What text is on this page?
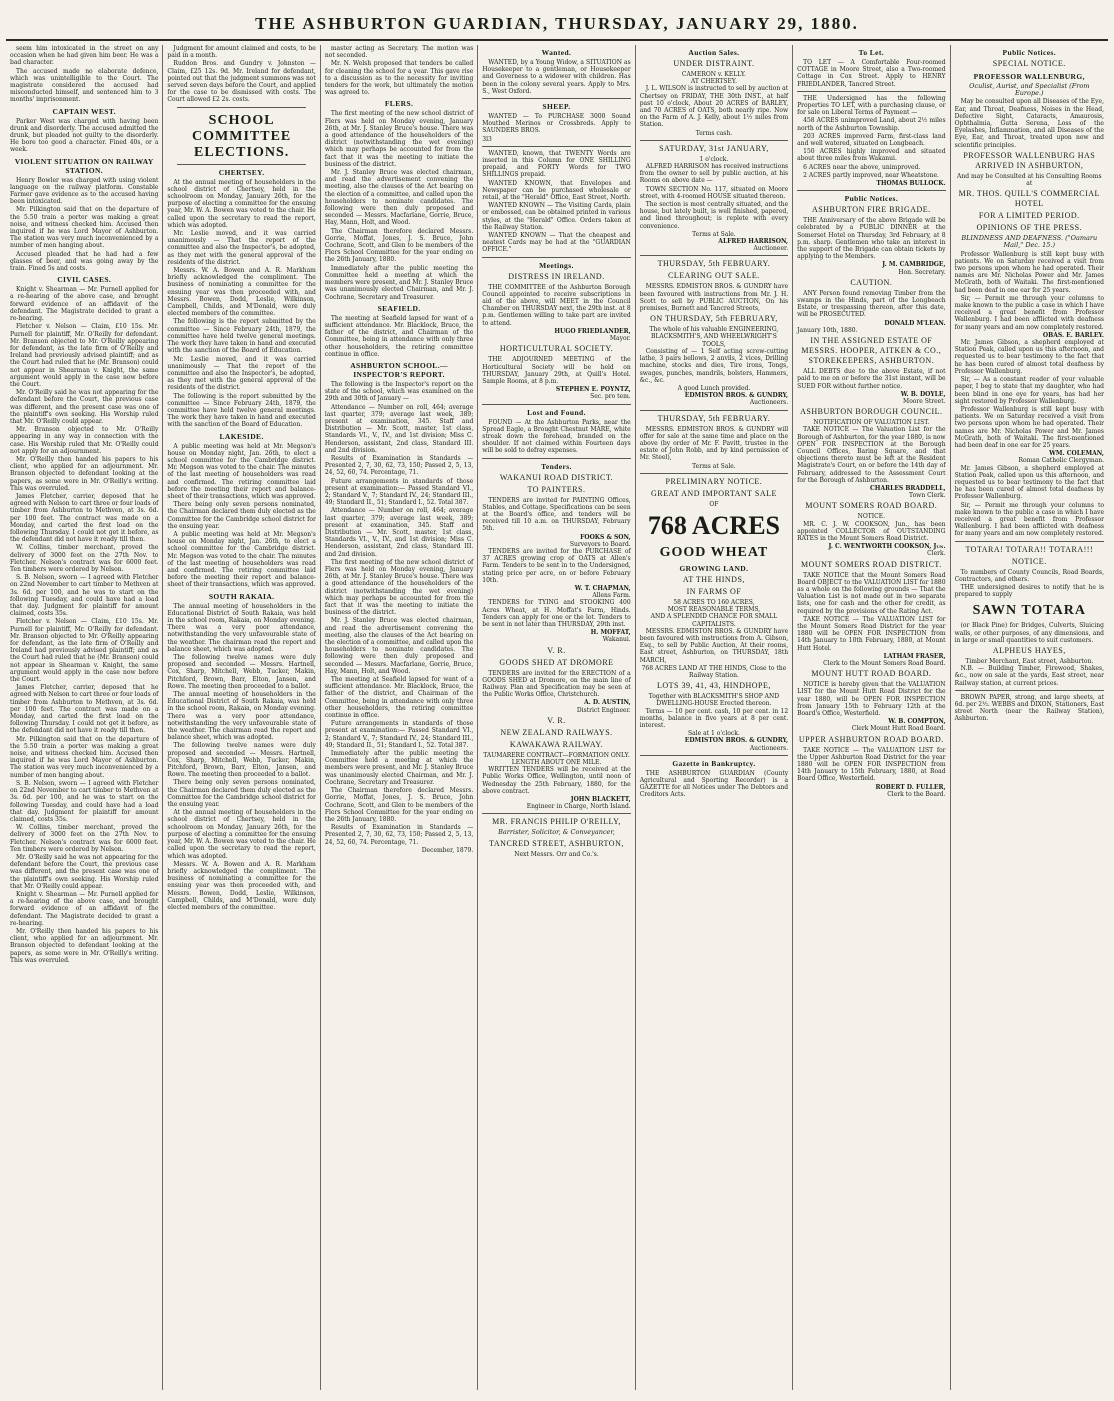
THE ASHBURTON GUARDIAN, THURSDAY, JANUARY 29, 1880.

seem him intoxicated in the street on any occasion when he had given him beer. He was a bad character.

The accused made no elaborate defence, which was unintelligible to the Court. The magistrate considered the accused had misconducted himself, and sentenced him to 3 months' imprisonment.

CAPTAIN WEST.

Parker West was charged with having been drunk and disorderly. The accused admitted the drunk, but pleaded not guilty to the disorderly. He bore too good a character. Fined 40s, or a week.

VIOLENT SITUATION ON RAILWAY STATION.

Henry Bowler was charged with using violent language on the railway platform. Constable Farmer gave evidence as to the accused having been intoxicated.

Mr. Pilkington said that on the departure of the 5.50 train a porter was making a great noise, and witness checked him. Accused then inquired if he was Lord Mayor of Ashburton. The station was very much inconvenienced by a number of men hanging about.

Accused pleaded that he had had a few glasses of beer, and was going away by the train. Fined 5s and costs.

CIVIL CASES.

Knight v. Shearman — Mr. Purnell applied for a re-hearing of the above case, and brought forward evidence of an affidavit of the defendant. The Magistrate decided to grant a re-hearing.

Fletcher v. Nelson — Claim, £10 15s. Mr. Purnell for plaintiff, Mr. O'Reilly for defendant. Mr. Branson objected to Mr. O'Reilly appearing for defendant, as the late firm of O'Reilly and Ireland had previously advised plaintiff; and as the Court had ruled that he (Mr. Branson) could not appear in Shearman v. Knight, the same argument would apply in the case now before the Court.

Mr. O'Reilly said he was not appearing for the defendant before the Court, the previous case was different, and the present case was one of the plaintiff's own seeking. His Worship ruled that Mr. O'Reilly could appear.

Mr. Branson objected to Mr. O'Reilly appearing in any way in connection with the case. His Worship ruled that Mr. O'Reilly could not apply for an adjournment.

Mr. O'Reilly then handed his papers to his client, who applied for an adjournment. Mr. Branson objected to defendant looking at the papers, as some were in Mr. O'Reilly's writing. This was overruled.

James Fletcher, carrier, deposed that he agreed with Nelson to cart three or four loads of timber from Ashburton to Methven, at 3s. 6d. per 100 feet. The contract was made on a Monday, and carted the first load on the following Thursday. I could not get it before, as the defendant did not have it ready till then.

W. Collins, timber merchant, proved the delivery of 3000 feet on the 27th Nov. to Fletcher. Nelson's contract was for 6000 feet. Ten timbers were ordered by Nelson.

S. B. Nelson, sworn — I agreed with Fletcher on 22nd November to cart timber to Methven at 3s. 6d. per 100, and he was to start on the following Tuesday, and could have had a load that day. Judgment for plaintiff for amount claimed, costs 35s.

Fletcher v. Nelson — Claim, £10 15s. Mr. Purnell for plaintiff, Mr. O'Reilly for defendant. Mr. Branson objected to Mr. O'Reilly appearing for defendant, as the late firm of O'Reilly and Ireland had previously advised plaintiff; and as the Court had ruled that he (Mr. Branson) could not appear in Shearman v. Knight, the same argument would apply in the case now before the Court.

James Fletcher, carrier, deposed that he agreed with Nelson to cart three or four loads of timber from Ashburton to Methven, at 3s. 6d. per 100 feet. The contract was made on a Monday, and carted the first load on the following Thursday. I could not get it before, as the defendant did not have it ready till then.

Mr. Pilkington said that on the departure of the 5.50 train a porter was making a great noise, and witness checked him. Accused then inquired if he was Lord Mayor of Ashburton. The station was very much inconvenienced by a number of men hanging about.

S. B. Nelson, sworn — I agreed with Fletcher on 22nd November to cart timber to Methven at 3s. 6d. per 100, and he was to start on the following Tuesday, and could have had a load that day. Judgment for plaintiff for amount claimed, costs 35s.

W. Collins, timber merchant, proved the delivery of 3000 feet on the 27th Nov. to Fletcher. Nelson's contract was for 6000 feet. Ten timbers were ordered by Nelson.

Mr. O'Reilly said he was not appearing for the defendant before the Court, the previous case was different, and the present case was one of the plaintiff's own seeking. His Worship ruled that Mr. O'Reilly could appear.

Knight v. Shearman — Mr. Purnell applied for a re-hearing of the above case, and brought forward evidence of an affidavit of the defendant. The Magistrate decided to grant a re-hearing.

Mr. O'Reilly then handed his papers to his client, who applied for an adjournment. Mr. Branson objected to defendant looking at the papers, as some were in Mr. O'Reilly's writing. This was overruled.

Judgment for amount claimed and costs, to be paid in a month.

Ruddon Bros. and Gundry v. Johnston — Claim, £25 12s. 9d. Mr. Ireland for defendant, pointed out that the judgment summons was not served seven days before the Court, and applied for the case to be dismissed with costs. The Court allowed £2 2s. costs.

SCHOOL COMMITTEE ELECTIONS.
CHERTSEY.

At the annual meeting of householders in the school district of Chertsey, held in the schoolroom on Monday, January 26th, for the purpose of electing a committee for the ensuing year, Mr. W. A. Bowen was voted to the chair. He called upon the secretary to read the report, which was adopted.

Mr. Leslie moved, and it was carried unanimously — That the report of the committee and also the Inspector's, be adopted, as they met with the general approval of the residents of the district.

Messrs. W. A. Bowen and A. R. Markham briefly acknowledged the compliment. The business of nominating a committee for the ensuing year was then proceeded with, and Messrs. Bowen, Dodd, Leslie, Wilkinson, Campbell, Childs, and M'Donald, were duly elected members of the committee.

The following is the report submitted by the committee — Since February 24th, 1879, the committee have held twelve general meetings. The work they have taken in hand and executed with the sanction of the Board of Education.

Mr. Leslie moved, and it was carried unanimously — That the report of the committee and also the Inspector's, be adopted, as they met with the general approval of the residents of the district.

The following is the report submitted by the committee — Since February 24th, 1879, the committee have held twelve general meetings. The work they have taken in hand and executed with the sanction of the Board of Education.

LAKESIDE.

A public meeting was held at Mr. Megson's house on Monday night, Jan. 26th, to elect a school committee for the Cambridge district. Mr. Megson was voted to the chair. The minutes of the last meeting of householders was read and confirmed. The retiring committee laid before the meeting their report and balance-sheet of their transactions, which was approved.

There being only seven persons nominated, the Chairman declared them duly elected as the Committee for the Cambridge school district for the ensuing year.

A public meeting was held at Mr. Megson's house on Monday night, Jan. 26th, to elect a school committee for the Cambridge district. Mr. Megson was voted to the chair. The minutes of the last meeting of householders was read and confirmed. The retiring committee laid before the meeting their report and balance-sheet of their transactions, which was approved.

SOUTH RAKAIA.

The annual meeting of householders in the Educational District of South Rakaia, was held in the school room, Rakaia, on Monday evening. There was a very poor attendance, notwithstanding the very unfavourable state of the weather. The chairman read the report and balance sheet, which was adopted.

The following twelve names were duly proposed and seconded — Messrs. Hartnell, Cox, Sharp, Mitchell, Webb, Tucker, Makin, Pitchford, Brown, Barr, Elton, Jansen, and Rowe. The meeting then proceeded to a ballot.

The annual meeting of householders in the Educational District of South Rakaia, was held in the school room, Rakaia, on Monday evening. There was a very poor attendance, notwithstanding the very unfavourable state of the weather. The chairman read the report and balance sheet, which was adopted.

The following twelve names were duly proposed and seconded — Messrs. Hartnell, Cox, Sharp, Mitchell, Webb, Tucker, Makin, Pitchford, Brown, Barr, Elton, Jansen, and Rowe. The meeting then proceeded to a ballot.

There being only seven persons nominated, the Chairman declared them duly elected as the Committee for the Cambridge school district for the ensuing year.

At the annual meeting of householders in the school district of Chertsey, held in the schoolroom on Monday, January 26th, for the purpose of electing a committee for the ensuing year, Mr. W. A. Bowen was voted to the chair. He called upon the secretary to read the report, which was adopted.

Messrs. W. A. Bowen and A. R. Markham briefly acknowledged the compliment. The business of nominating a committee for the ensuing year was then proceeded with, and Messrs. Bowen, Dodd, Leslie, Wilkinson, Campbell, Childs, and M'Donald, were duly elected members of the committee.

master acting as Secretary. The motion was not seconded.

Mr. N. Welsh proposed that tenders be called for cleaning the school for a year. This gave rise to a discussion as to the necessity for inviting tenders for the work, but ultimately the motion was agreed to.

FLERS.

The first meeting of the new school district of Flers was held on Monday evening, January 26th, at Mr. J. Stanley Bruce's house. There was a good attendance of the householders of the district (notwithstanding the wet evening) which may perhaps be accounted for from the fact that it was the meeting to initiate the business of the district.

Mr. J. Stanley Bruce was elected chairman, and read the advertisement convening the meeting, also the clauses of the Act bearing on the election of a committee, and called upon the householders to nominate candidates. The following were then duly proposed and seconded — Messrs. Macfarlane, Gorrie, Bruce, Hay, Mann, Holt, and Wood.

The Chairman therefore declared Messrs. Gorrie, Moffat, Jones, J. S. Bruce, John Cochrane, Scott, and Glen to be members of the Flers School Committee for the year ending on the 26th January, 1880.

Immediately after the public meeting the Committee held a meeting at which the members were present, and Mr. J. Stanley Bruce was unanimously elected Chairman, and Mr. J. Cochrane, Secretary and Treasurer.

SEAFIELD.

The meeting at Seafield lapsed for want of a sufficient attendance. Mr. Blacklock, Bruce, the father of the district, and Chairman of the Committee, being in attendance with only three other householders, the retiring committee continue in office.

ASHBURTON SCHOOL.—INSPECTOR'S REPORT.

The following is the Inspector's report on the state of the school, which was examined on the 29th and 30th of January —

Attendance — Number on roll, 464; average last quarter, 379; average last week, 389; present at examination, 345. Staff and Distribution — Mr. Scott, master, 1st class, Standards VI., V., IV., and 1st division; Miss C. Henderson, assistant, 2nd class, Standard III. and 2nd division.

Results of Examination in Standards — Presented 2, 7, 30, 62, 73, 150; Passed 2, 5, 13, 24, 52, 60, 74. Percentage, 71.

Future arrangements in standards of those present at examination:— Passed Standard VI., 2; Standard V., 7; Standard IV., 24; Standard III., 49; Standard II., 51; Standard I., 52. Total 387.

Attendance — Number on roll, 464; average last quarter, 379; average last week, 389; present at examination, 345. Staff and Distribution — Mr. Scott, master, 1st class, Standards VI., V., IV., and 1st division; Miss C. Henderson, assistant, 2nd class, Standard III. and 2nd division.

The first meeting of the new school district of Flers was held on Monday evening, January 26th, at Mr. J. Stanley Bruce's house. There was a good attendance of the householders of the district (notwithstanding the wet evening) which may perhaps be accounted for from the fact that it was the meeting to initiate the business of the district.

Mr. J. Stanley Bruce was elected chairman, and read the advertisement convening the meeting, also the clauses of the Act bearing on the election of a committee, and called upon the householders to nominate candidates. The following were then duly proposed and seconded — Messrs. Macfarlane, Gorrie, Bruce, Hay, Mann, Holt, and Wood.

The meeting at Seafield lapsed for want of a sufficient attendance. Mr. Blacklock, Bruce, the father of the district, and Chairman of the Committee, being in attendance with only three other householders, the retiring committee continue in office.

Future arrangements in standards of those present at examination:— Passed Standard VI., 2; Standard V., 7; Standard IV., 24; Standard III., 49; Standard II., 51; Standard I., 52. Total 387.

Immediately after the public meeting the Committee held a meeting at which the members were present, and Mr. J. Stanley Bruce was unanimously elected Chairman, and Mr. J. Cochrane, Secretary and Treasurer.

The Chairman therefore declared Messrs. Gorrie, Moffat, Jones, J. S. Bruce, John Cochrane, Scott, and Glen to be members of the Flers School Committee for the year ending on the 26th January, 1880.

Results of Examination in Standards — Presented 2, 7, 30, 62, 73, 150; Passed 2, 5, 13, 24, 52, 60, 74. Percentage, 71.

December, 1879.
Wanted.

WANTED, by a Young Widow, a SITUATION as Housekeeper to a gentleman, or Housekeeper and Governess to a widower with children. Has been in the colony several years. Apply to Mrs. S., West Oxford.

SHEEP.

WANTED — To PURCHASE 3000 Sound Mouthed Merinos or Crossbreds. Apply to SAUNDERS BROS.

3l3

WANTED, known, that TWENTY Words are inserted in this Column for ONE SHILLING prepaid, and FORTY Words for TWO SHILLINGS prepaid.

WANTED KNOWN, that Envelopes and Newspaper can be purchased wholesale or retail, at the "Herald" Office, East Street, North.

WANTED KNOWN — The Visiting Cards, plain or embossed, can be obtained printed in various styles, at the "Herald" Office. Orders taken at the Railway Station.

WANTED KNOWN — That the cheapest and neatest Cards may be had at the "GUARDIAN OFFICE."

Meetings.
DISTRESS IN IRELAND.

THE COMMITTEE of the Ashburton Borough Council appointed to receive subscriptions in aid of the above, will MEET in the Council Chamber on THURSDAY next, the 29th inst. at 8 p.m. Gentlemen willing to take part are invited to attend.

HUGO FRIEDLANDER,
Mayor.
HORTICULTURAL SOCIETY.

THE ADJOURNED MEETING of the Horticultural Society will be held on THURSDAY, January 29th, at Quill's Hotel. Sample Rooms, at 8 p.m.

STEPHEN E. POYNTZ,
Sec. pro tem.
Lost and Found.

FOUND — At the Ashburton Parks, near the Spread Eagle, a Brought Chestnut MARE, white streak down the forehead, branded on the shoulder. If not claimed within Fourteen days will be sold to defray expenses.

Tenders.
WAKANUI ROAD DISTRICT.
TO PAINTERS.

TENDERS are invited for PAINTING Offices, Stables, and Cottage. Specifications can be seen at the Board's office, and tenders will be received till 10 a.m. on THURSDAY, February 5th.

FOOKS & SON,
Surveyors to Board.

TENDERS are invited for the PURCHASE of 37 ACRES growing crop of OATS at Allen's Farm. Tenders to be sent in to the Undersigned, stating price per acre, on or before February 10th.

W. T. CHAPMAN,
Allens Farm.

TENDERS for TYING and STOOKING 400 Acres Wheat, at H. Moffat's Farm, Hinds. Tenders can apply for one or the lot. Tenders to be sent in not later than THURSDAY, 29th inst.

H. MOFFAT,
Wakanui.
V. R.
GOODS SHED AT DROMORE

TENDERS are invited for the ERECTION of a GOODS SHED at Dromore, on the main line of Railway. Plan and Specification may be seen at the Public Works Office, Christchurch.

A. D. AUSTIN,
District Engineer.
V. R.
NEW ZEALAND RAILWAYS.
KAWAKAWA RAILWAY.
TAUMARERE CONTRACT—FORMATION ONLY. LENGTH ABOUT ONE MILE.

WRITTEN TENDERS will be received at the Public Works Office, Wellington, until noon of Wednesday the 25th February, 1880, for the above contract.

JOHN BLACKETT,
Engineer in Charge, North Island.
MR. FRANCIS PHILIP O'REILLY,
Barrister, Solicitor, & Conveyancer,
TANCRED STREET, ASHBURTON,
Next Messrs. Orr and Co.'s.
Auction Sales.
UNDER DISTRAINT.
CAMERON v. KELLY.
AT CHERTSEY.

J. L. WILSON is instructed to sell by auction at Chertsey on FRIDAY, THE 30th INST., at half past 10 o'clock, About 20 ACRES of BARLEY, and 70 ACRES of OATS, both nearly ripe. Now on the Farm of A. J. Kelly, about 1½ miles from Station.

Terms cash.
SATURDAY, 31st JANUARY,
1 o'clock.

ALFRED HARRISON has received instructions from the owner to sell by public auction, at his Rooms on above date —

TOWN SECTION No. 117, situated on Moore street, with 4-roomed HOUSE situated thereon.

The section is most centrally situated, and the house, but lately built, is well finished, papered, and lined throughout; is replete with every convenience.

Terms at Sale.
ALFRED HARRISON,
Auctioneer.
THURSDAY, 5th FEBRUARY.
CLEARING OUT SALE.

MESSRS. EDMISTON BROS. & GUNDRY have been favoured with instructions from Mr. J. H. Scott to sell by PUBLIC AUCTION, On his premises, Burnett and Tancred Streets,

ON THURSDAY, 5th FEBRUARY,
The whole of his valuable ENGINEERING, BLACKSMITH'S, AND WHEELWRIGHT'S TOOLS,

Consisting of — 1 Self acting screw-cutting lathe, 3 pairs bellows, 2 anvils, 2 vices, Drilling machine, stocks and dies, Tire irons, Tongs, swages, punches, mandrils, bolsters, Hammers, &c., &c.

A good Lunch provided.
EDMISTON BROS. & GUNDRY,
Auctioneers.
THURSDAY, 5th FEBRUARY.

MESSRS. EDMISTON BROS. & GUNDRY will offer for sale at the same time and place on the above (by order of Mr. F. Pavitt, trustee in the estate of John Robb, and by kind permission of Mr. Steel),

Terms at Sale.
PRELIMINARY NOTICE.
GREAT AND IMPORTANT SALE
OF
768 ACRES
GOOD WHEAT
GROWING LAND.
AT THE HINDS,
IN FARMS OF
58 ACRES TO 160 ACRES,
MOST REASONABLE TERMS,
AND A SPLENDID CHANCE FOR SMALL CAPITALISTS.

MESSRS. EDMISTON BROS. & GUNDRY have been favoured with instructions from A. Gibson, Esq., to sell by Public Auction, At their rooms, East street, Ashburton, on THURSDAY, 18th MARCH,

768 ACRES LAND AT THE HINDS, Close to the Railway Station.
LOTS 39, 41, 43, HINDHOPE,
Together with BLACKSMITH'S SHOP AND DWELLING-HOUSE Erected thereon.

Terms — 10 per cent. cash, 10 per cent. in 12 months, balance in five years at 8 per cent. interest.

Sale at 1 o'clock.
EDMISTON BROS. & GUNDRY,
Auctioneers.
Gazette in Bankruptcy.

THE ASHBURTON GUARDIAN (County Agricultural and Sporting Recorder) is a GAZETTE for all Notices under The Debtors and Creditors Acts.

To Let.

TO LET — A Comfortable Four-roomed COTTAGE in Moore Street, also a Two-roomed Cottage in Cox Street. Apply to HENRY FRIEDLANDER, Tancred Street.

THE Undersigned has the following Properties TO LET, with a purchasing clause, or for sale on Liberal Terms of Payment —

458 ACRES unimproved Land, about 2½ miles north of the Ashburton Township.

203 ACRES improved Farm, first-class land and well watered, situated on Longbeach.

150 ACRES highly improved and situated about three miles from Wakanui.

6 ACRES near the above, unimproved.

2 ACRES partly improved, near Wheatstone.

THOMAS BULLOCK.
Public Notices.
ASHBURTON FIRE BRIGADE.

THE Anniversary of the above Brigade will be celebrated by a PUBLIC DINNER at the Somerset Hotel on Thursday, 3rd February, at 8 p.m. sharp. Gentlemen who take an interest in the support of the Brigade can obtain tickets by applying to the Members.

J. M. CAMBRIDGE,
Hon. Secretary.
CAUTION.

ANY Person found removing Timber from the swamps in the Hinds, part of the Longbeach Estate, or trespassing thereon, after this date, will be PROSECUTED.

DONALD M'LEAN.
January 10th, 1880.
IN THE ASSIGNED ESTATE OF MESSRS. HOOPER, AITKEN & CO., STOREKEEPERS, ASHBURTON.

ALL DEBTS due to the above Estate, if not paid to me on or before the 31st instant, will be SUED FOR without further notice.

W. B. DOYLE,
Moore Street.
ASHBURTON BOROUGH COUNCIL.
NOTIFICATION OF VALUATION LIST.

TAKE NOTICE — The Valuation List for the Borough of Ashburton, for the year 1880, is now OPEN FOR INSPECTION at the Borough Council Offices, Baring Square, and that objections thereto must be left at the Resident Magistrate's Court, on or before the 14th day of February, addressed to the Assessment Court for the Borough of Ashburton.

CHARLES BRADDELL,
Town Clerk.
MOUNT SOMERS ROAD BOARD.
NOTICE.

MR. C. J. W. COOKSON, Jun., has been appointed COLLECTOR of OUTSTANDING RATES in the Mount Somers Road District.

J. C. WENTWORTH COOKSON, Jun.
Clerk.
MOUNT SOMERS ROAD DISTRICT.

TAKE NOTICE that the Mount Somers Road Board OBJECT to the VALUATION LIST for 1880 as a whole on the following grounds — That the Valuation List is not made out in two separate lists, one for cash and the other for credit, as required by the provisions of the Rating Act.

TAKE NOTICE — The VALUATION LIST for the Mount Somers Road District for the year 1880 will be OPEN FOR INSPECTION from 14th January to 10th February, 1880, at Mount Hutt Hotel.

LATHAM FRASER,
Clerk to the Mount Somers Road Board.
MOUNT HUTT ROAD BOARD.

NOTICE is hereby given that the VALUATION LIST for the Mount Hutt Road District for the year 1880, will be OPEN FOR INSPECTION from January 15th to February 12th at the Board's Office, Westerfield.

W. B. COMPTON,
Clerk Mount Hutt Road Board.
UPPER ASHBURTON ROAD BOARD.

TAKE NOTICE — The VALUATION LIST for the Upper Ashburton Road District for the year 1880 will be OPEN FOR INSPECTION from 14th January to 15th February, 1880, at Road Board Office, Westerfield.

ROBERT D. FULLER,
Clerk to the Board.
Public Notices.
SPECIAL NOTICE.
PROFESSOR WALLENBURG,
Oculist, Aurist, and Specialist (From Europe.)

May be consulted upon all Diseases of the Eye, Ear, and Throat, Deafness, Noises in the Head, Defective Sight, Cataracts, Amaurosis, Ophthalmia, Gutta Serena, Loss of the Eyelashes, Inflammation, and all Diseases of the Eye, Ear, and Throat, treated upon new and scientific principles.

PROFESSOR WALLENBURG HAS ARRIVED IN ASHBURTON,
And may be Consulted at his Consulting Rooms at
MR. THOS. QUILL'S COMMERCIAL HOTEL
FOR A LIMITED PERIOD.
OPINIONS OF THE PRESS.
BLINDNESS AND DEAFNESS. ("Oamaru Mail," Dec. 15.)

Professor Wallenburg is still kept busy with patients. We on Saturday received a visit from two persons upon whom he had operated. Their names are Mr. Nicholas Power and Mr. James McGrath, both of Waitaki. The first-mentioned had been deaf in one ear for 25 years.

Sir, — Permit me through your columns to make known to the public a case in which I have received a great benefit from Professor Wallenburg. I had been afflicted with deafness for many years and am now completely restored.

OBAS. E. BARLEY.

Mr. James Gibson, a shepherd employed at Station Peak, called upon us this afternoon, and requested us to bear testimony to the fact that he has been cured of almost total deafness by Professor Wallenburg.

Sir, — As a constant reader of your valuable paper, I beg to state that my daughter, who had been blind in one eye for years, has had her sight restored by Professor Wallenburg.

Professor Wallenburg is still kept busy with patients. We on Saturday received a visit from two persons upon whom he had operated. Their names are Mr. Nicholas Power and Mr. James McGrath, both of Waitaki. The first-mentioned had been deaf in one ear for 25 years.

WM. COLEMAN,
Roman Catholic Clergyman.

Mr. James Gibson, a shepherd employed at Station Peak, called upon us this afternoon, and requested us to bear testimony to the fact that he has been cured of almost total deafness by Professor Wallenburg.

Sir, — Permit me through your columns to make known to the public a case in which I have received a great benefit from Professor Wallenburg. I had been afflicted with deafness for many years and am now completely restored.

TOTARA! TOTARA!! TOTARA!!!
NOTICE.

To numbers of County Councils, Road Boards, Contractors, and others.

THE undersigned desires to notify that he is prepared to supply

SAWN TOTARA

(or Black Pine) for Bridges, Culverts, Sluicing walls, or other purposes, of any dimensions, and in large or small quantities to suit customers.

ALPHEUS HAYES,
Timber Merchant, East street, Ashburton.

N.B. — Building Timber, Firewood, Shakes, &c., now on sale at the yards, East street, near Railway station, at current prices.

BROWN PAPER, strong, and large sheets, at 6d. per 2½. WEBBS and DIXON, Stationers, East street North (near the Railway Station), Ashburton.
